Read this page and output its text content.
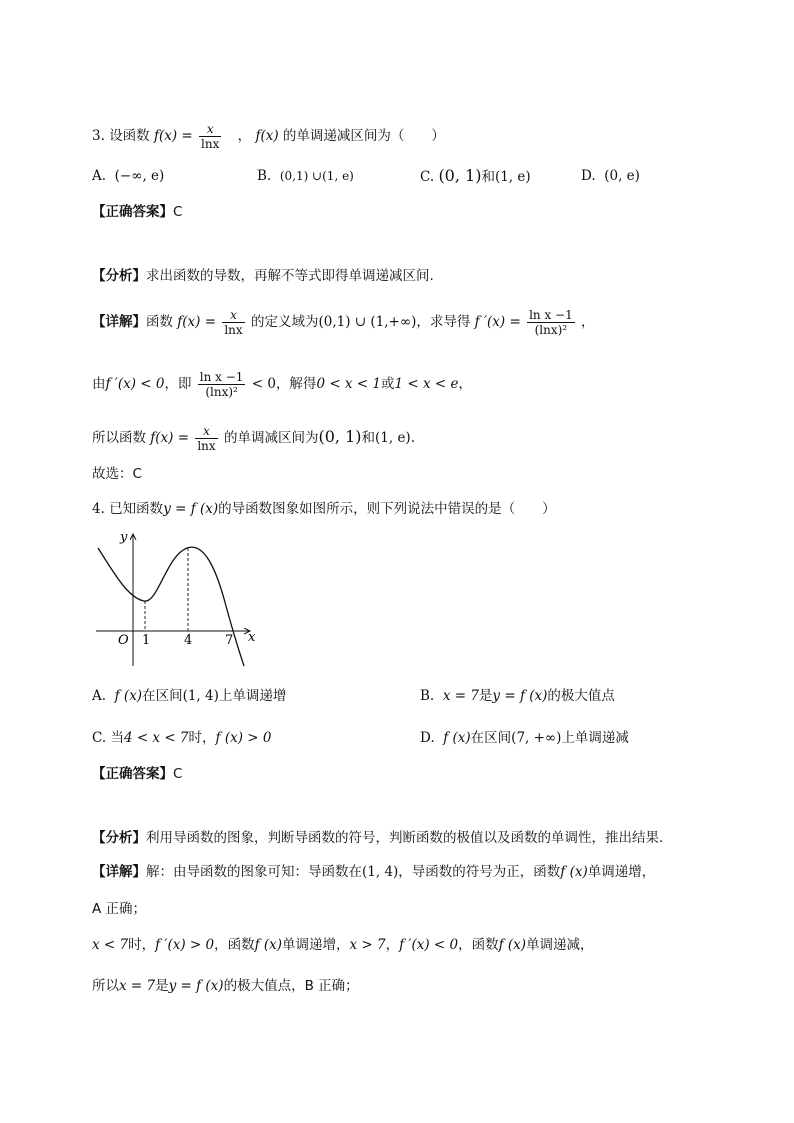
3. 设函数 $f(x) = \frac{x}{\ln x}$ ， f(x) 的单调递减区间为（　　）
A. (−∞, e)	B. (0,1) ∪(1, e)	C. (0, 1)和(1, e)	D. (0, e)
【正确答案】C
【分析】求出函数的导数，再解不等式即得单调递减区间.
【详解】函数 $f(x) = \frac{x}{\ln x}$ 的定义域为(0,1) ∪ (1,+∞)，求导得 f $'(x) = \frac{\text{ln x −1}}{\text{(lnx)²}}$ ，
由f ′(x) < 0，即 $\frac{\text{ln x −1}}{\text{(lnx)²}} < 0$，解得0 < x < 1或1 < x < e，
所以函数 $f(x) = \frac{x}{\ln x}$ 的单调减区间为(0, 1)和(1, e).
故选：C
4. 已知函数y = f (x)的导函数图象如图所示，则下列说法中错误的是（　　）
y
x
O 1	4	7
A. f (x)在区间(1, 4)上单调递增	B. x = 7是y = f (x)的极大值点
C. 当4 < x < 7时，f (x) > 0	D. f (x)在区间(7, +∞)上单调递减
【正确答案】C
【分析】利用导函数的图象，判断导函数的符号，判断函数的极值以及函数的单调性，推出结果．
【详解】解：由导函数的图象可知：导函数在(1, 4)，导函数的符号为正，函数f (x)单调递增，
A 正确；
x < 7时，f ′(x) > 0，函数f (x)单调递增，x > 7，f ′(x) < 0，函数f (x)单调递减，
所以x = 7是y = f (x)的极大值点，B 正确；
